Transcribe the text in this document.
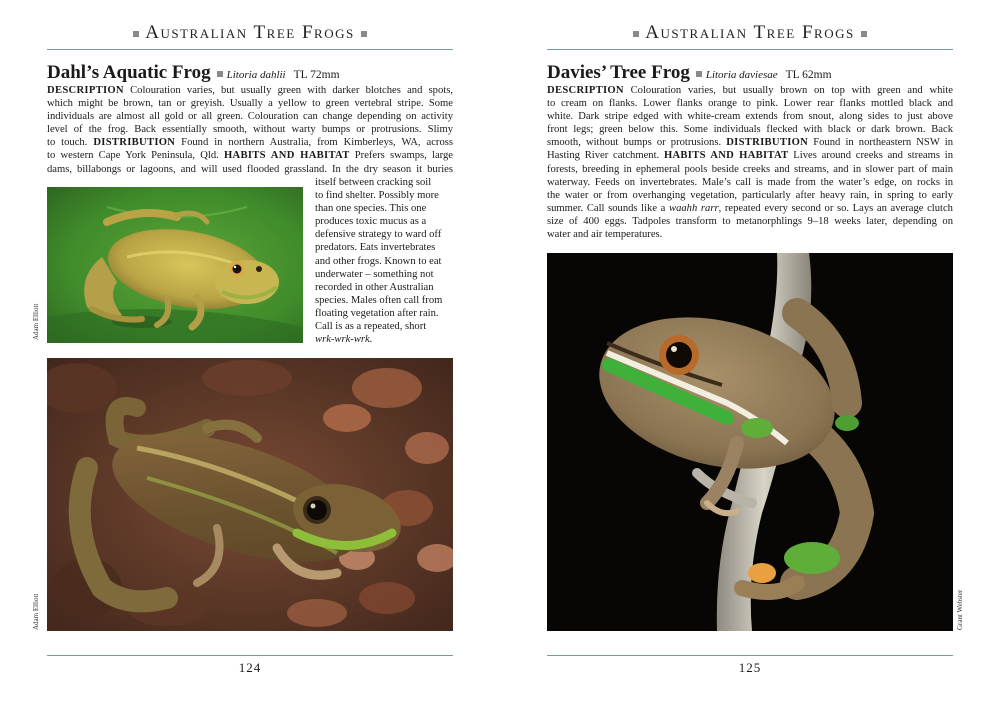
Australian Tree Frogs
Dahl’s Aquatic Frog Litoria dahlii TL 72mm
DESCRIPTION Colouration varies, but usually green with darker blotches and spots,
which might be brown, tan or greyish. Usually a yellow to green vertebral stripe. Some
individuals are almost all gold or all green. Colouration can change depending on activity
level of the frog. Back essentially smooth, without warty bumps or protrusions. Slimy
to touch. DISTRIBUTION Found in northern Australia, from Kimberleys, WA, across
to western Cape York Peninsula, Qld. HABITS AND HABITAT Prefers swamps, large
dams, billabongs or lagoons, and will used flooded grassland. In the dry season it buries
itself between cracking soil
to find shelter. Possibly more
than one species. This one
produces toxic mucus as a
defensive strategy to ward off
predators. Eats invertebrates
and other frogs. Known to eat
underwater – something not
recorded in other Australian
species. Males often call from
floating vegetation after rain.
Call is as a repeated, short
wrk-wrk-wrk.
Adam Elliott
Adam Elliott
124
Australian Tree Frogs
Davies’ Tree Frog Litoria daviesae TL 62mm
DESCRIPTION Colouration varies, but usually brown on top with green and white
to cream on flanks. Lower flanks orange to pink. Lower rear flanks mottled black and
white. Dark stripe edged with white-cream extends from snout, along sides to just above
front legs; green below this. Some individuals flecked with black or dark brown. Back
smooth, without bumps or protrusions. DISTRIBUTION Found in northeastern NSW in
Hasting River catchment. HABITS AND HABITAT Lives around creeks and streams in
forests, breeding in ephemeral pools beside creeks and streams, and in slower part of main
waterway. Feeds on invertebrates. Male’s call is made from the water’s edge, on rocks in
the water or from overhanging vegetation, particularly after heavy rain, in spring to early
summer. Call sounds like a waahh rarr, repeated every second or so. Lays an average clutch
size of 400 eggs. Tadpoles transform to metanorphlings 9–18 weeks later, depending on
water and air temperatures.
Grant Webster
125
